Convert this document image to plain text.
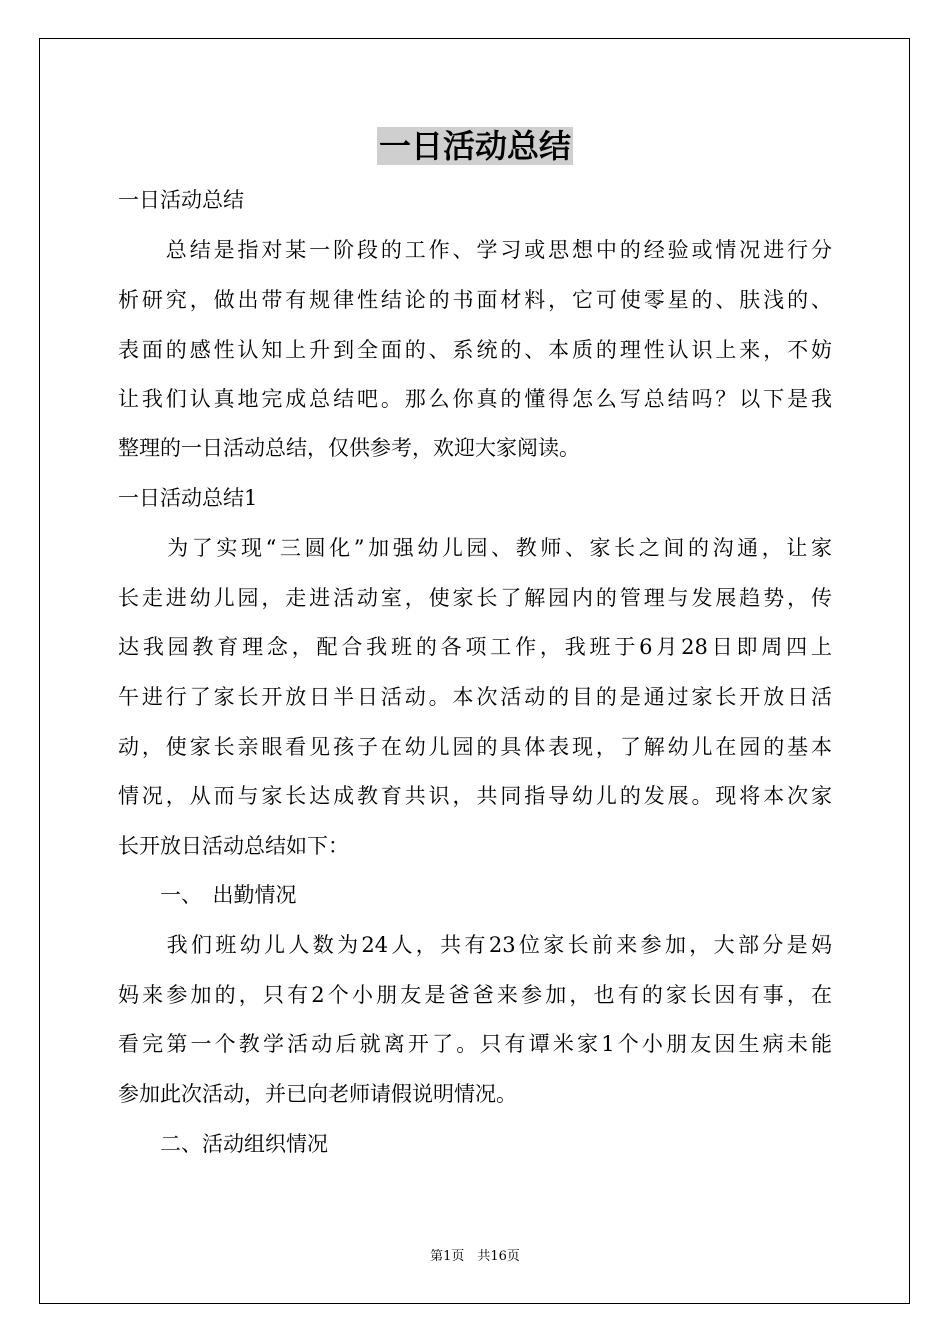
一日活动总结
一日活动总结
　　总结是指对某一阶段的工作、学习或思想中的经验或情况进行分
析研究，做出带有规律性结论的书面材料，它可使零星的、肤浅的、
表面的感性认知上升到全面的、系统的、本质的理性认识上来，不妨
让我们认真地完成总结吧。那么你真的懂得怎么写总结吗？以下是我
整理的一日活动总结，仅供参考，欢迎大家阅读。
一日活动总结1
　　为了实现“三圆化”加强幼儿园、教师、家长之间的沟通，让家
长走进幼儿园，走进活动室，使家长了解园内的管理与发展趋势，传
达我园教育理念，配合我班的各项工作，我班于6月28日即周四上
午进行了家长开放日半日活动。本次活动的目的是通过家长开放日活
动，使家长亲眼看见孩子在幼儿园的具体表现，了解幼儿在园的基本
情况，从而与家长达成教育共识，共同指导幼儿的发展。现将本次家
长开放日活动总结如下：
　　一、　出勤情况
　　我们班幼儿人数为24人，共有23位家长前来参加，大部分是妈
妈来参加的，只有2个小朋友是爸爸来参加，也有的家长因有事，在
看完第一个教学活动后就离开了。只有谭米家1个小朋友因生病未能
参加此次活动，并已向老师请假说明情况。
　　二、活动组织情况
第1页　共16页
